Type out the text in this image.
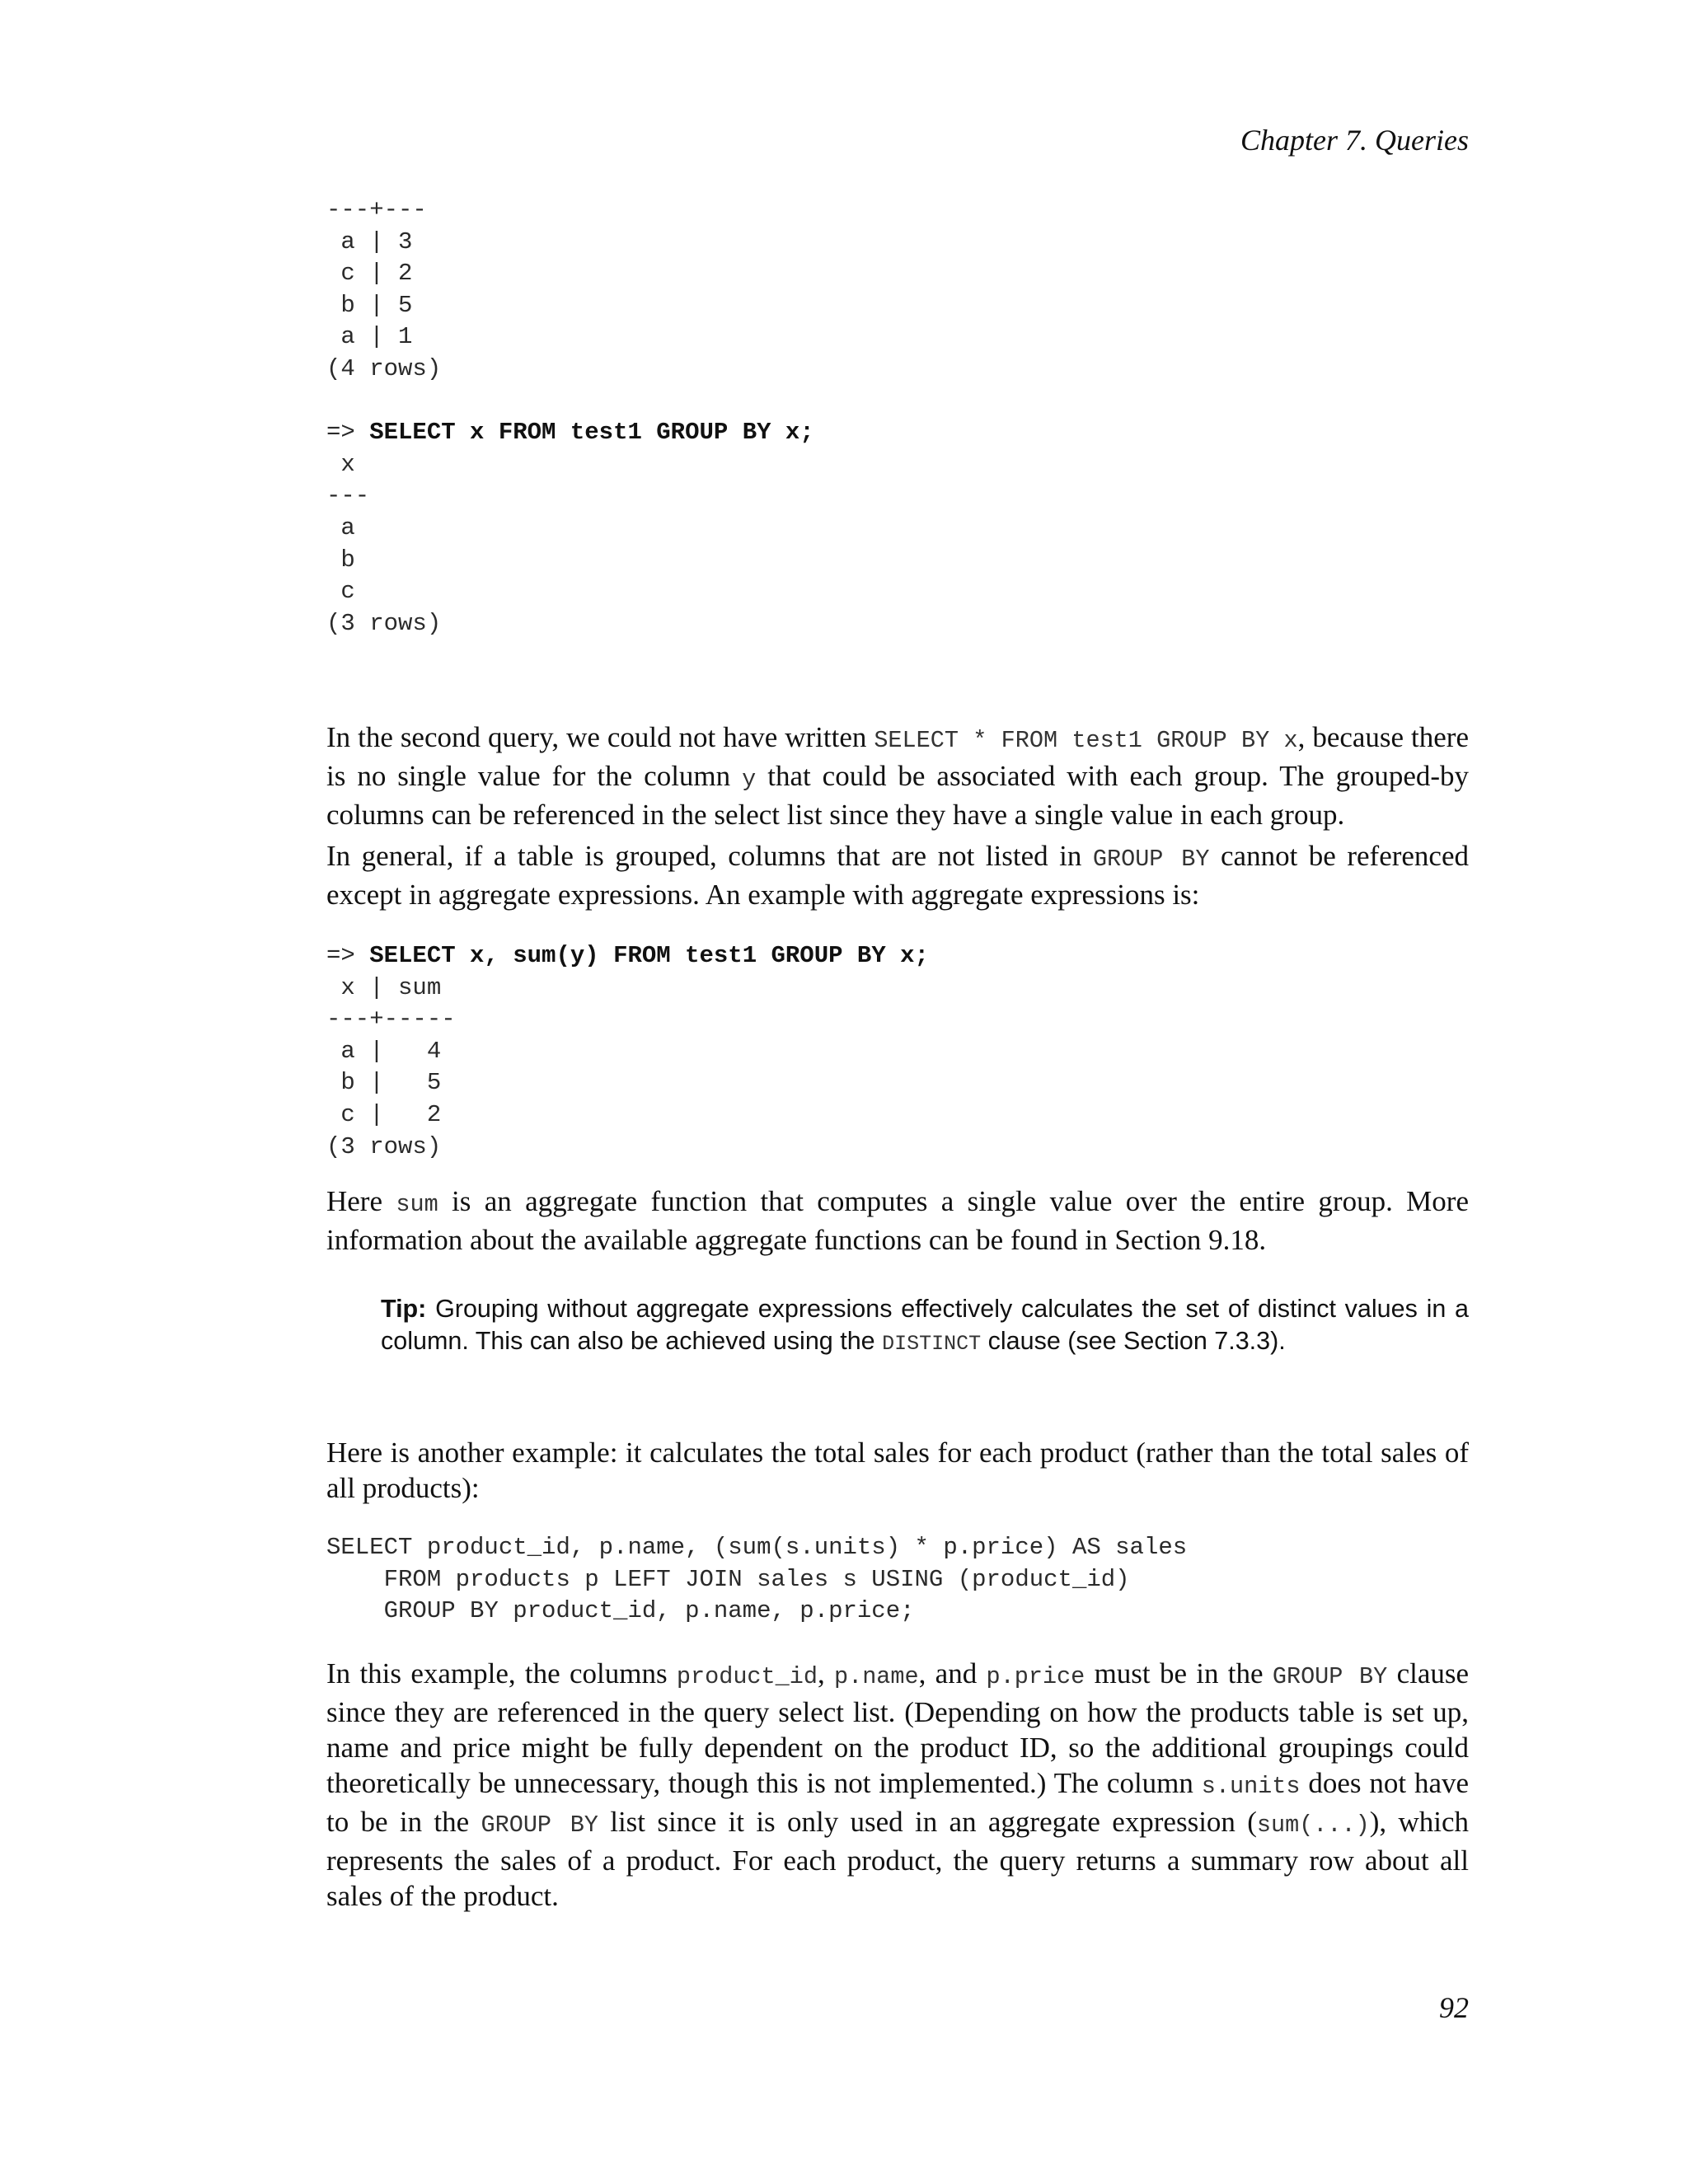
Chapter 7. Queries
---+---
a | 3
c | 2
b | 5
a | 1
(4 rows)

=> SELECT x FROM test1 GROUP BY x;
x
---
a
b
c
(3 rows)

In the second query, we could not have written SELECT * FROM test1 GROUP BY x, because there is no single value for the column y that could be associated with each group. The grouped-by columns can be referenced in the select list since they have a single value in each group.

In general, if a table is grouped, columns that are not listed in GROUP BY cannot be referenced except in aggregate expressions. An example with aggregate expressions is:

=> SELECT x, sum(y) FROM test1 GROUP BY x;
x | sum
---+-----
a |   4
b |   5
c |   2
(3 rows)

Here sum is an aggregate function that computes a single value over the entire group. More information about the available aggregate functions can be found in Section 9.18.

Tip: Grouping without aggregate expressions effectively calculates the set of distinct values in a column. This can also be achieved using the DISTINCT clause (see Section 7.3.3).

Here is another example: it calculates the total sales for each product (rather than the total sales of all products):

SELECT product_id, p.name, (sum(s.units) * p.price) AS sales
FROM products p LEFT JOIN sales s USING (product_id)
GROUP BY product_id, p.name, p.price;

In this example, the columns product_id, p.name, and p.price must be in the GROUP BY clause since they are referenced in the query select list. (Depending on how the products table is set up, name and price might be fully dependent on the product ID, so the additional groupings could theoretically be unnecessary, though this is not implemented.) The column s.units does not have to be in the GROUP BY list since it is only used in an aggregate expression (sum(...)), which represents the sales of a product. For each product, the query returns a summary row about all sales of the product.

92
